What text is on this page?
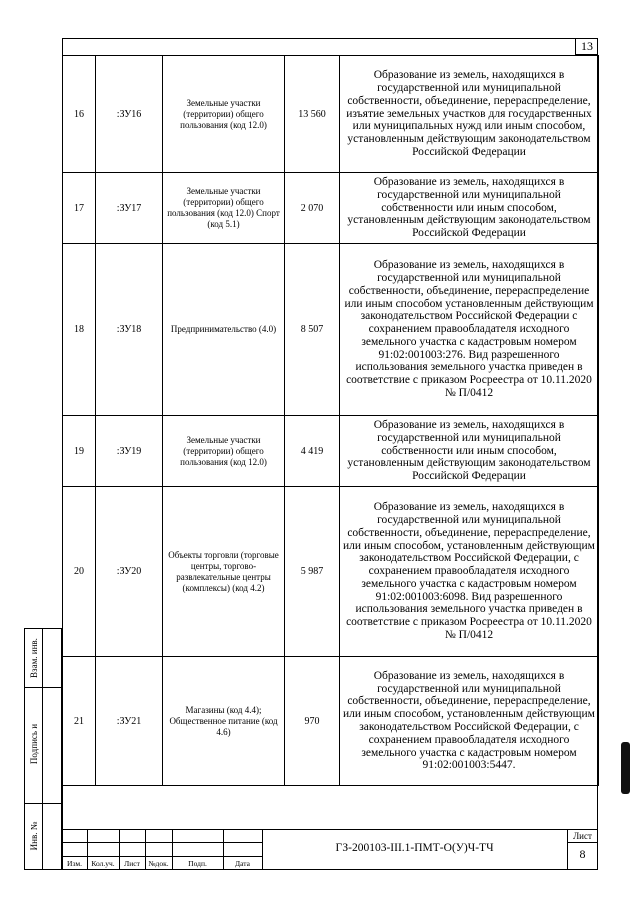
13
16	:ЗУ16	Земельные участки (территории) общего пользования (код 12.0)	13 560	Образование из земель, находящихся в государственной или муниципальной собственности, объединение, перераспределение, изъятие земельных участков для государственных или муниципальных нужд или иным способом, установленным действующим законодательством Российской Федерации
17	:ЗУ17	Земельные участки (территории) общего пользования (код 12.0) Спорт (код 5.1)	2 070	Образование из земель, находящихся в государственной или муниципальной собственности или иным способом, установленным действующим законодательством Российской Федерации
18	:ЗУ18	Предпринимательство (4.0)	8 507	Образование из земель, находящихся в государственной или муниципальной собственности, объединение, перераспределение или иным способом установленным действующим законодательством Российской Федерации с сохранением правообладателя исходного земельного участка с кадастровым номером 91:02:001003:276. Вид разрешенного использования земельного участка приведен в соответствие с приказом Росреестра от 10.11.2020 № П/0412
19	:ЗУ19	Земельные участки (территории) общего пользования (код 12.0)	4 419	Образование из земель, находящихся в государственной или муниципальной собственности или иным способом, установленным действующим законодательством Российской Федерации
20	:ЗУ20	Объекты торговли (торговые центры, торгово-развлекательные центры (комплексы) (код 4.2)	5 987	Образование из земель, находящихся в государственной или муниципальной собственности, объединение, перераспределение, или иным способом, установленным действующим законодательством Российской Федерации, с сохранением правообладателя исходного земельного участка с кадастровым номером 91:02:001003:6098. Вид разрешенного использования земельного участка приведен в соответствие с приказом Росреестра от 10.11.2020 № П/0412
21	:ЗУ21	Магазины (код 4.4); Общественное питание (код 4.6)	970	Образование из земель, находящихся в государственной или муниципальной собственности, объединение, перераспределение, или иным способом, установленным действующим законодательством Российской Федерации, с сохранением правообладателя исходного земельного участка с кадастровым номером 91:02:001003:5447.
Изм.	Кол.уч.	Лист	№док.	Подп.	Дата
ГЗ-200103-III.1-ПМТ-О(У)Ч-ТЧ
Лист
8
Взам. инв.
Подпись и
Инв. №
